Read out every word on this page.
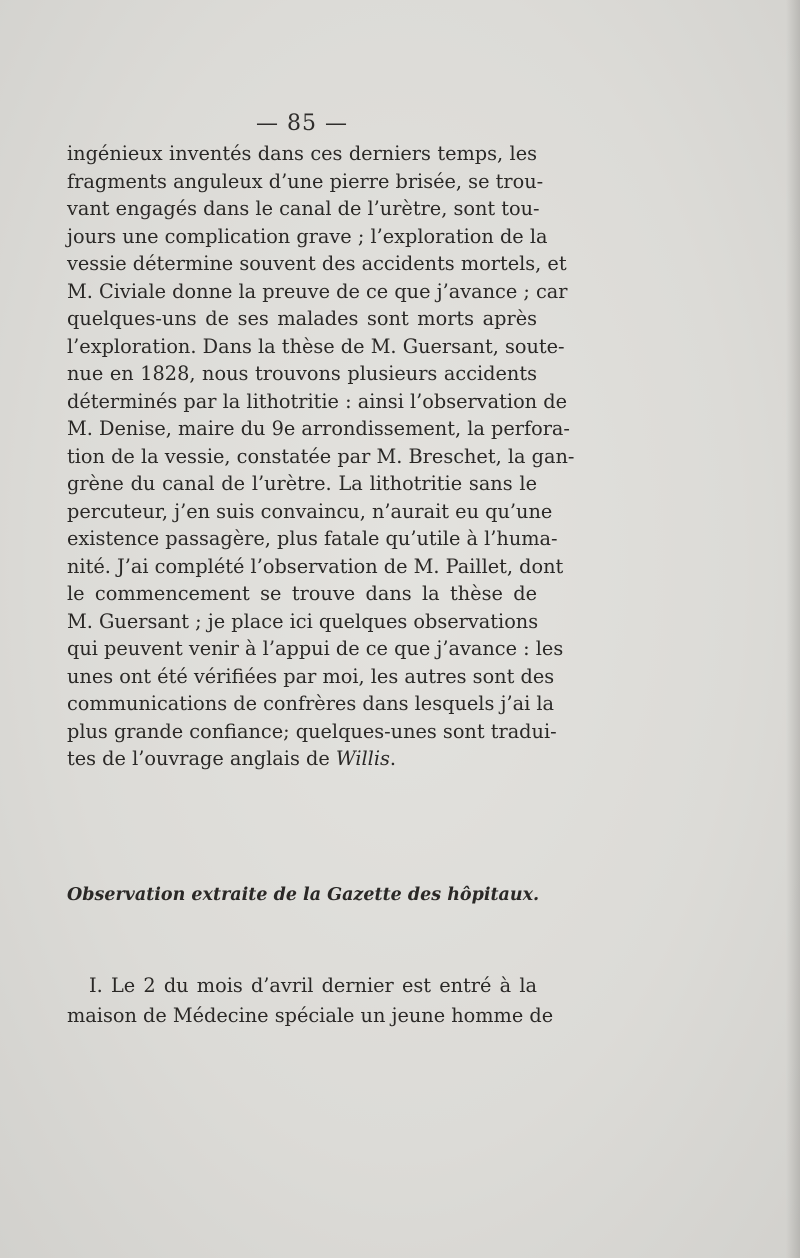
— 85 —

ingénieux inventés dans ces derniers temps, les
fragments anguleux d’une pierre brisée, se trou-
vant engagés dans le canal de l’urètre, sont tou-
jours une complication grave ; l’exploration de la
vessie détermine souvent des accidents mortels, et
M. Civiale donne la preuve de ce que j’avance ; car
quelques-uns de ses malades sont morts après
l’exploration. Dans la thèse de M. Guersant, soute-
nue en 1828, nous trouvons plusieurs accidents
déterminés par la lithotritie : ainsi l’observation de
M. Denise, maire du 9e arrondissement, la perfora-
tion de la vessie, constatée par M. Breschet, la gan-
grène du canal de l’urètre. La lithotritie sans le
percuteur, j’en suis convaincu, n’aurait eu qu’une
existence passagère, plus fatale qu’utile à l’huma-
nité. J’ai complété l’observation de M. Paillet, dont
le commencement se trouve dans la thèse de
M. Guersant ; je place ici quelques observations
qui peuvent venir à l’appui de ce que j’avance : les
unes ont été vérifiées par moi, les autres sont des
communications de confrères dans lesquels j’ai la
plus grande confiance; quelques-unes sont tradui-
tes de l’ouvrage anglais de Willis.

Observation extraite de la Gazette des hôpitaux.

I. Le 2 du mois d’avril dernier est entré à la
maison de Médecine spéciale un jeune homme de
